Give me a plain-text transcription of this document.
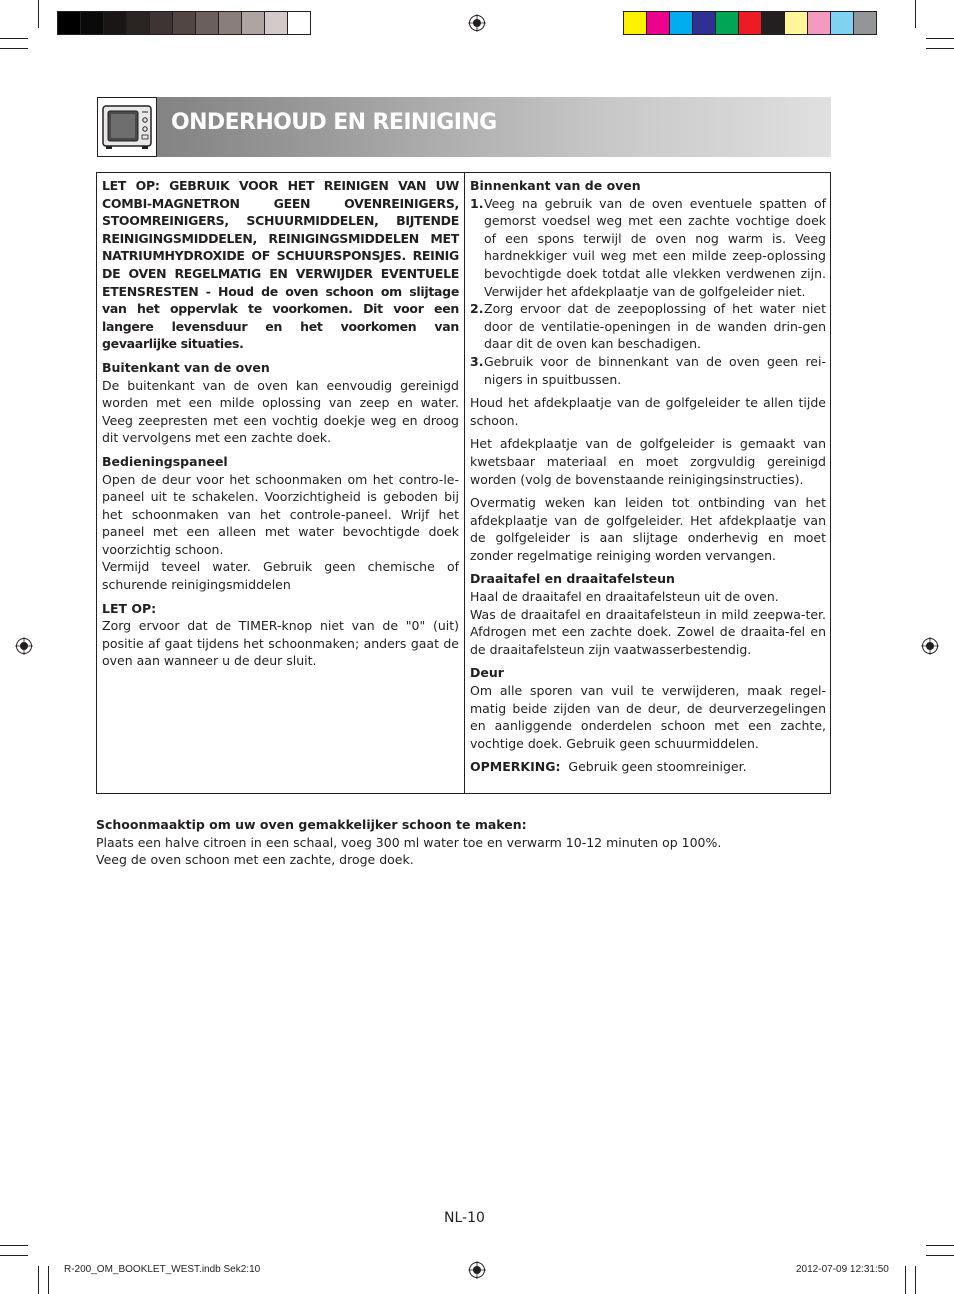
ONDERHOUD EN REINIGING

LET OP: GEBRUIK VOOR HET REINIGEN VAN UW COMBI-MAGNETRON GEEN OVENREINIGERS, STOOMREINIGERS, SCHUURMIDDELEN, BIJTENDE REINIGINGSMIDDELEN, REINIGINGSMIDDELEN MET NATRIUMHYDROXIDE OF SCHUURSPONSJES. REINIG DE OVEN REGELMATIG EN VERWIJDER EVENTUELE ETENSRESTEN - Houd de oven schoon om slijtage van het oppervlak te voorkomen. Dit voor een langere levensduur en het voorkomen van gevaarlijke situaties.

Buitenkant van de oven
De buitenkant van de oven kan eenvoudig gereinigd worden met een milde oplossing van zeep en water. Veeg zeepresten met een vochtig doekje weg en droog dit vervolgens met een zachte doek.

Bedieningspaneel
Open de deur voor het schoonmaken om het contro-le-paneel uit te schakelen. Voorzichtigheid is geboden bij het schoonmaken van het controle-paneel. Wrijf het paneel met een alleen met water bevochtigde doek voorzichtig schoon.

Vermijd teveel water. Gebruik geen chemische of schurende reinigingsmiddelen

LET OP:
Zorg ervoor dat de TIMER-knop niet van de "0" (uit) positie af gaat tijdens het schoonmaken; anders gaat de oven aan wanneer u de deur sluit.

Binnenkant van de oven
1. Veeg na gebruik van de oven eventuele spatten of gemorst voedsel weg met een zachte vochtige doek of een spons terwijl de oven nog warm is. Veeg hardnekkiger vuil weg met een milde zeep-oplossing bevochtigde doek totdat alle vlekken verdwenen zijn. Verwijder het afdekplaatje van de golfgeleider niet.
2. Zorg ervoor dat de zeepoplossing of het water niet door de ventilatie-openingen in de wanden drin-gen daar dit de oven kan beschadigen.
3. Gebruik voor de binnenkant van de oven geen rei-nigers in spuitbussen.

Houd het afdekplaatje van de golfgeleider te allen tijde schoon.

Het afdekplaatje van de golfgeleider is gemaakt van kwetsbaar materiaal en moet zorgvuldig gereinigd worden (volg de bovenstaande reinigingsinstructies).

Overmatig weken kan leiden tot ontbinding van het afdekplaatje van de golfgeleider. Het afdekplaatje van de golfgeleider is aan slijtage onderhevig en moet zonder regelmatige reiniging worden vervangen.

Draaitafel en draaitafelsteun
Haal de draaitafel en draaitafelsteun uit de oven.

Was de draaitafel en draaitafelsteun in mild zeepwa-ter. Afdrogen met een zachte doek. Zowel de draaita-fel en de draaitafelsteun zijn vaatwasserbestendig.

Deur
Om alle sporen van vuil te verwijderen, maak regel-matig beide zijden van de deur, de deurverzegelingen en aanliggende onderdelen schoon met een zachte, vochtige doek. Gebruik geen schuurmiddelen.

OPMERKING: Gebruik geen stoomreiniger.

Schoonmaaktip om uw oven gemakkelijker schoon te maken:

Plaats een halve citroen in een schaal, voeg 300 ml water toe en verwarm 10-12 minuten op 100%.

Veeg de oven schoon met een zachte, droge doek.

NL-10
R-200_OM_BOOKLET_WEST.indb Sek2:10	2012-07-09 12:31:50
